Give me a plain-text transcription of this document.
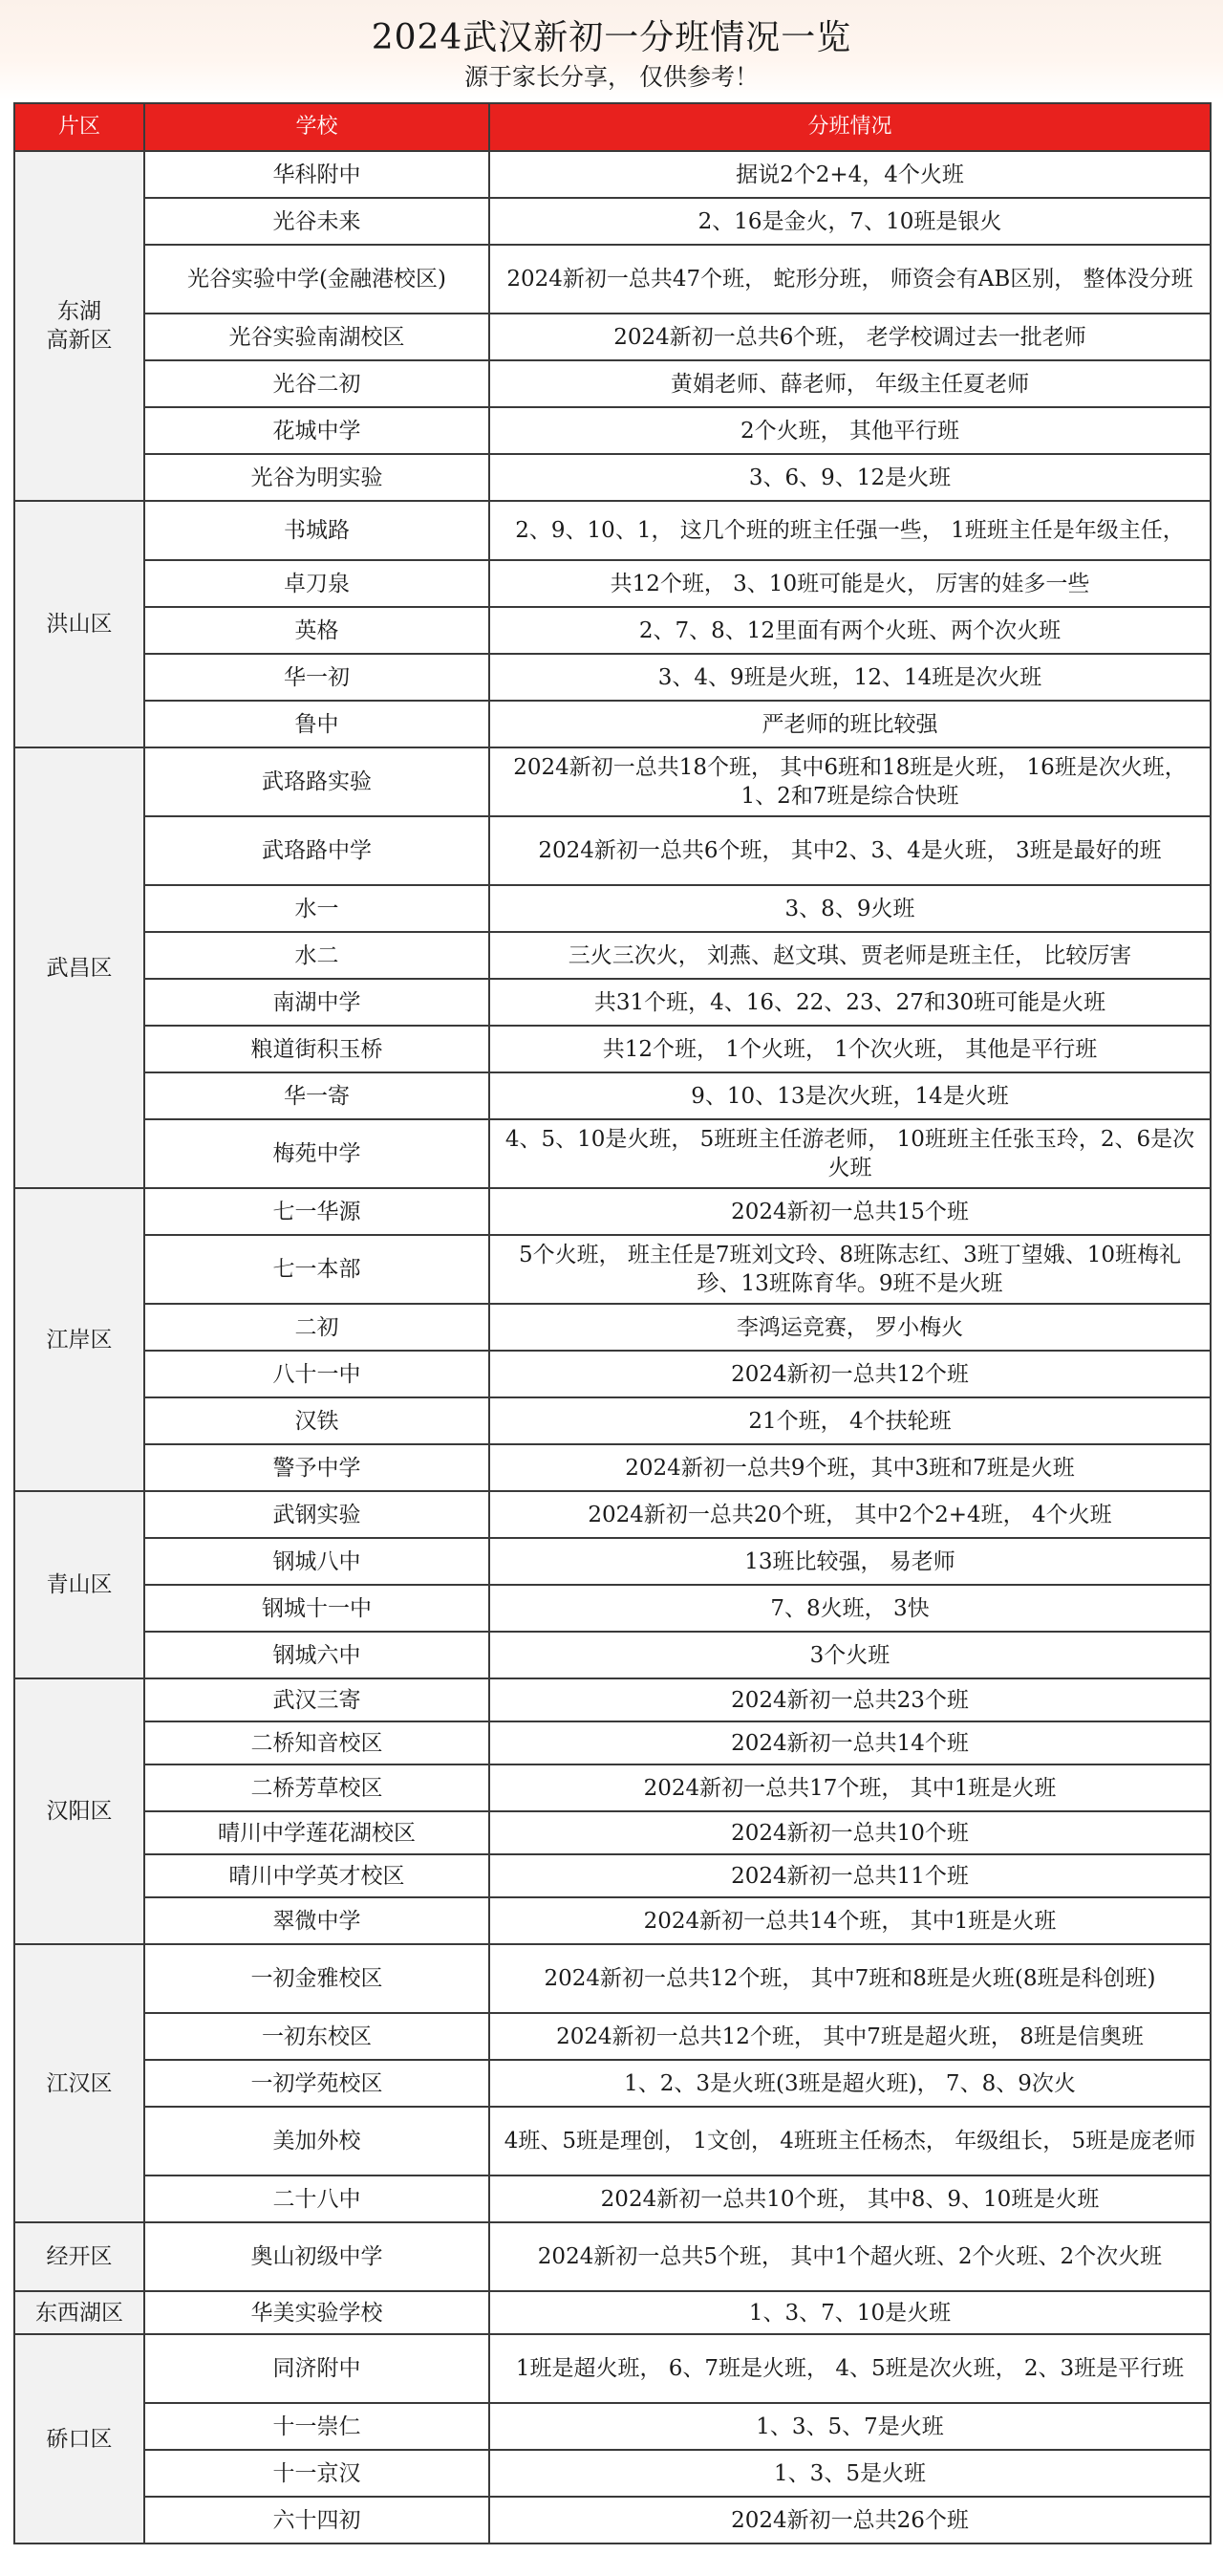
2024武汉新初一分班情况一览
源于家长分享， 仅供参考！
片区	学校	分班情况
东湖
高新区	华科附中	据说2个2+4，4个火班
	光谷未来	2、16是金火，7、10班是银火
	光谷实验中学(金融港校区)	2024新初一总共47个班， 蛇形分班， 师资会有AB区别， 整体没分班
	光谷实验南湖校区	2024新初一总共6个班， 老学校调过去一批老师
	光谷二初	黄娟老师、薛老师， 年级主任夏老师
	花城中学	2个火班， 其他平行班
	光谷为明实验	3、6、9、12是火班
洪山区	书城路	2、9、10、1， 这几个班的班主任强一些， 1班班主任是年级主任，
	卓刀泉	共12个班， 3、10班可能是火， 厉害的娃多一些
	英格	2、7、8、12里面有两个火班、两个次火班
	华一初	3、4、9班是火班，12、14班是次火班
	鲁中	严老师的班比较强
武昌区	武珞路实验	2024新初一总共18个班， 其中6班和18班是火班， 16班是次火班，1、2和7班是综合快班
	武珞路中学	2024新初一总共6个班， 其中2、3、4是火班， 3班是最好的班
	水一	3、8、9火班
	水二	三火三次火， 刘燕、赵文琪、贾老师是班主任， 比较厉害
	南湖中学	共31个班，4、16、22、23、27和30班可能是火班
	粮道街积玉桥	共12个班， 1个火班， 1个次火班， 其他是平行班
	华一寄	9、10、13是次火班，14是火班
	梅苑中学	4、5、10是火班， 5班班主任游老师， 10班班主任张玉玲，2、6是次火班
江岸区	七一华源	2024新初一总共15个班
	七一本部	5个火班， 班主任是7班刘文玲、8班陈志红、3班丁望娥、10班梅礼珍、13班陈育华。9班不是火班
	二初	李鸿运竞赛， 罗小梅火
	八十一中	2024新初一总共12个班
	汉铁	21个班， 4个扶轮班
	警予中学	2024新初一总共9个班，其中3班和7班是火班
青山区	武钢实验	2024新初一总共20个班， 其中2个2+4班， 4个火班
	钢城八中	13班比较强， 易老师
	钢城十一中	7、8火班， 3快
	钢城六中	3个火班
汉阳区	武汉三寄	2024新初一总共23个班
	二桥知音校区	2024新初一总共14个班
	二桥芳草校区	2024新初一总共17个班， 其中1班是火班
	晴川中学莲花湖校区	2024新初一总共10个班
	晴川中学英才校区	2024新初一总共11个班
	翠微中学	2024新初一总共14个班， 其中1班是火班
江汉区	一初金雅校区	2024新初一总共12个班， 其中7班和8班是火班(8班是科创班)
	一初东校区	2024新初一总共12个班， 其中7班是超火班， 8班是信奥班
	一初学苑校区	1、2、3是火班(3班是超火班)， 7、8、9次火
	美加外校	4班、5班是理创， 1文创， 4班班主任杨杰， 年级组长， 5班是庞老师
	二十八中	2024新初一总共10个班， 其中8、9、10班是火班
经开区	奥山初级中学	2024新初一总共5个班， 其中1个超火班、2个火班、2个次火班
东西湖区	华美实验学校	1、3、7、10是火班
硚口区	同济附中	1班是超火班， 6、7班是火班， 4、5班是次火班， 2、3班是平行班
	十一崇仁	1、3、5、7是火班
	十一京汉	1、3、5是火班
	六十四初	2024新初一总共26个班
